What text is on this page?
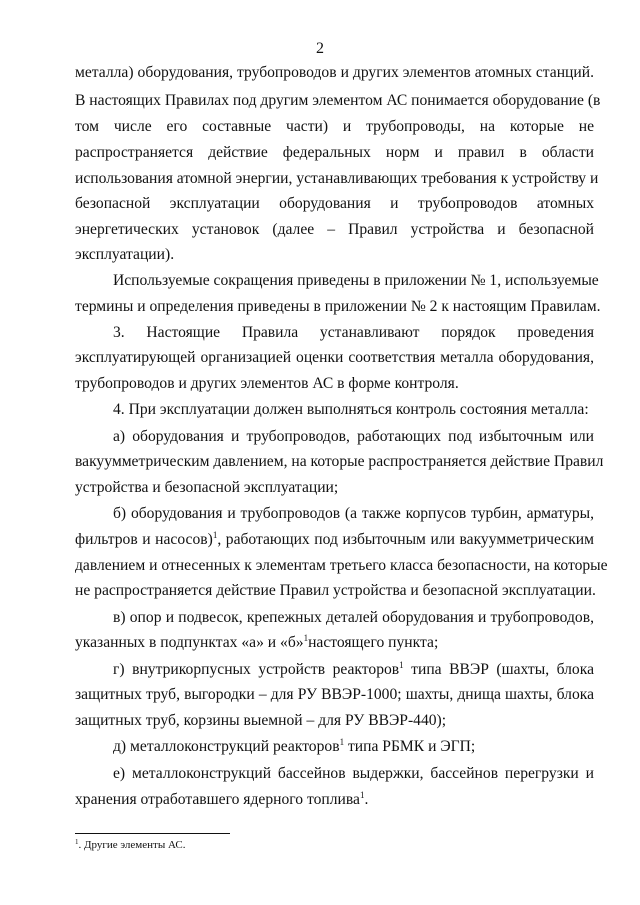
2
металла) оборудования, трубопроводов и других элементов атомных станций.
В настоящих Правилах под другим элементом АС понимается оборудование (в
том числе его составные части) и трубопроводы, на которые не
распространяется действие федеральных норм и правил в области
использования атомной энергии, устанавливающих требования к устройству и
безопасной эксплуатации оборудования и трубопроводов атомных
энергетических установок (далее – Правил устройства и безопасной
эксплуатации).
Используемые сокращения приведены в приложении № 1, используемые
термины и определения приведены в приложении № 2 к настоящим Правилам.
3. Настоящие Правила устанавливают порядок проведения
эксплуатирующей организацией оценки соответствия металла оборудования,
трубопроводов и других элементов АС в форме контроля.
4. При эксплуатации должен выполняться контроль состояния металла:
а) оборудования и трубопроводов, работающих под избыточным или
вакуумметрическим давлением, на которые распространяется действие Правил
устройства и безопасной эксплуатации;
б) оборудования и трубопроводов (а также корпусов турбин, арматуры,
фильтров и насосов)$^1$, работающих под избыточным или вакуумметрическим
давлением и отнесенных к элементам третьего класса безопасности, на которые
не распространяется действие Правил устройства и безопасной эксплуатации.
в) опор и подвесок, крепежных деталей оборудования и трубопроводов,
указанных в подпунктах «а» и «б»$^1$настоящего пункта;
г) внутрикорпусных устройств реакторов$^1$ типа ВВЭР (шахты, блока
защитных труб, выгородки – для РУ ВВЭР-1000; шахты, днища шахты, блока
защитных труб, корзины выемной – для РУ ВВЭР-440);
д) металлоконструкций реакторов$^1$ типа РБМК и ЭГП;
е) металлоконструкций бассейнов выдержки, бассейнов перегрузки и
хранения отработавшего ядерного топлива$^1$.
$^1$. Другие элементы АС.
